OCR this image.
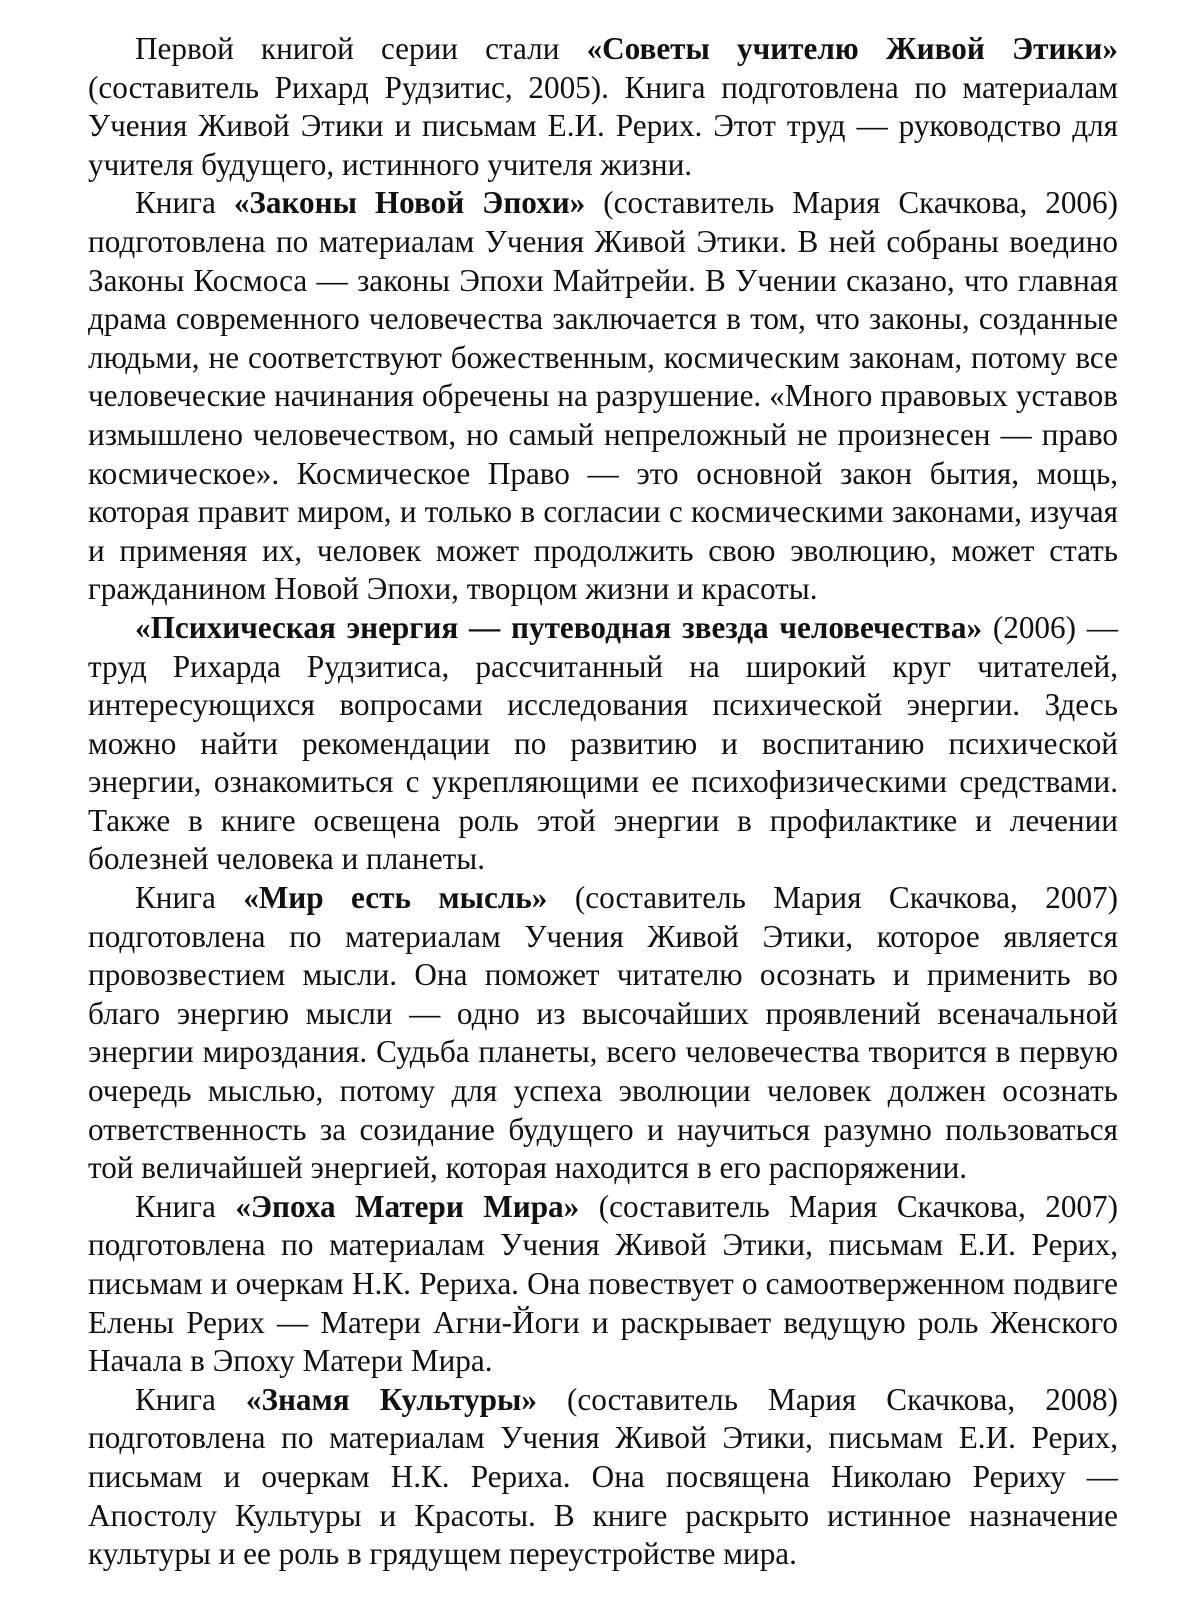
Первой книгой серии стали «Советы учителю Живой Этики» (составитель Рихард Рудзитис, 2005). Книга подготовлена по материалам Учения Живой Этики и письмам Е.И. Рерих. Этот труд — руководство для учителя будущего, истинного учителя жизни.

Книга «Законы Новой Эпохи» (составитель Мария Скачкова, 2006) подготовлена по материалам Учения Живой Этики. В ней собраны воедино Законы Космоса — законы Эпохи Майтрейи. В Учении сказано, что главная драма современного человечества заключается в том, что законы, созданные людьми, не соответствуют божественным, космическим законам, потому все человеческие начинания обречены на разрушение. «Много правовых уставов измышлено человечеством, но самый непреложный не произнесен — право космическое». Космическое Право — это основной закон бытия, мощь, которая правит миром, и только в согласии с космическими законами, изучая и применяя их, человек может продолжить свою эволюцию, может стать гражданином Новой Эпохи, творцом жизни и красоты.

«Психическая энергия — путеводная звезда человечества» (2006) — труд Рихарда Рудзитиса, рассчитанный на широкий круг читателей, интересующихся вопросами исследования психической энергии. Здесь можно найти рекомендации по развитию и воспитанию психической энергии, ознакомиться с укрепляющими ее психофизическими средствами. Также в книге освещена роль этой энергии в профилактике и лечении болезней человека и планеты.

Книга «Мир есть мысль» (составитель Мария Скачкова, 2007) подготовлена по материалам Учения Живой Этики, которое является провозвестием мысли. Она поможет читателю осознать и применить во благо энергию мысли — одно из высочайших проявлений всеначальной энергии мироздания. Судьба планеты, всего человечества творится в первую очередь мыслью, потому для успеха эволюции человек должен осознать ответственность за созидание будущего и научиться разумно пользоваться той величайшей энергией, которая находится в его распоряжении.

Книга «Эпоха Матери Мира» (составитель Мария Скачкова, 2007) подготовлена по материалам Учения Живой Этики, письмам Е.И. Рерих, письмам и очеркам Н.К. Рериха. Она повествует о самоотверженном подвиге Елены Рерих — Матери Агни-Йоги и раскрывает ведущую роль Женского Начала в Эпоху Матери Мира.

Книга «Знамя Культуры» (составитель Мария Скачкова, 2008) подготовлена по материалам Учения Живой Этики, письмам Е.И. Рерих, письмам и очеркам Н.К. Рериха. Она посвящена Николаю Рериху — Апостолу Культуры и Красоты. В книге раскрыто истинное назначение культуры и ее роль в грядущем переустройстве мира.
